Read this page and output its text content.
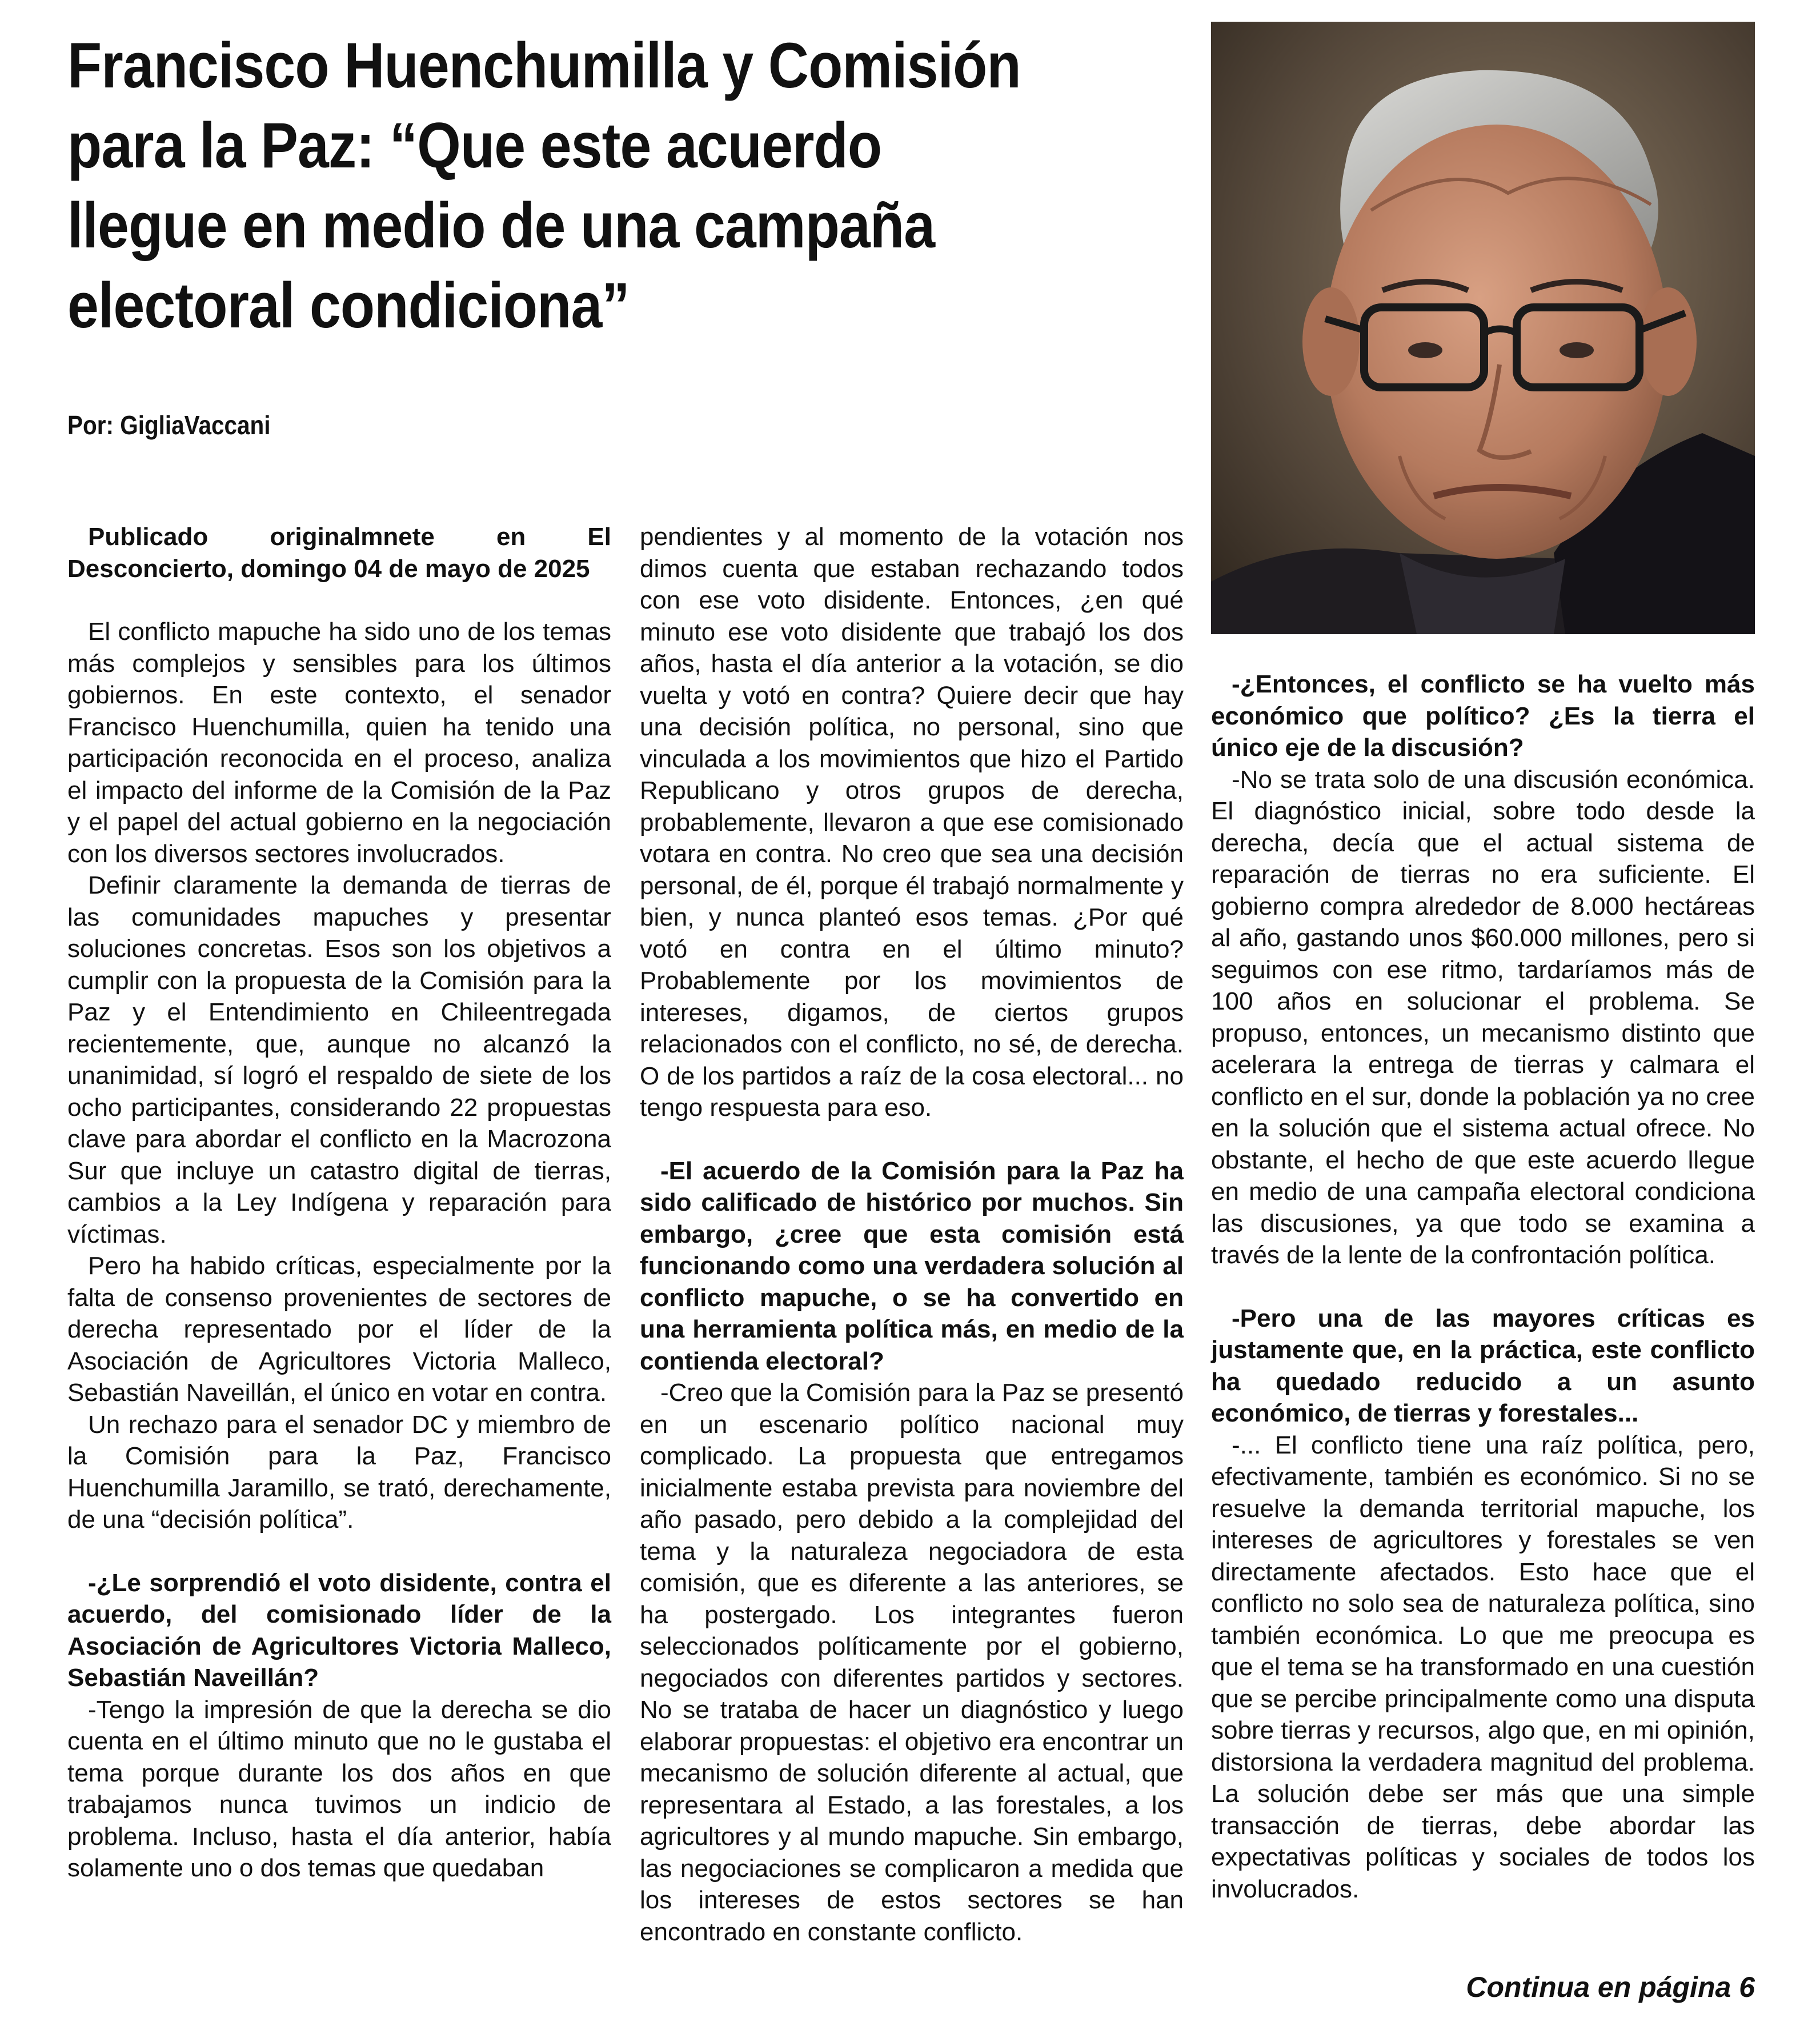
Francisco Huenchumilla y Comisión para la Paz: “Que este acuerdo llegue en medio de una campaña electoral condiciona”
Por: GigliaVaccani

Publicado originalmnete en El Desconcierto, domingo 04 de mayo de 2025

El conflicto mapuche ha sido uno de los temas más complejos y sensibles para los últimos gobiernos. En este contexto, el senador Francisco Huenchumilla, quien ha tenido una participación reconocida en el proceso, analiza el impacto del informe de la Comisión de la Paz y el papel del actual gobierno en la negociación con los diversos sectores involucrados.

Definir claramente la demanda de tierras de las comunidades mapuches y presentar soluciones concretas. Esos son los objetivos a cumplir con la propuesta de la Comisión para la Paz y el Entendimiento en Chileentregada recientemente, que, aunque no alcanzó la unanimidad, sí logró el respaldo de siete de los ocho participantes, considerando 22 propuestas clave para abordar el conflicto en la Macrozona Sur que incluye un catastro digital de tierras, cambios a la Ley Indígena y reparación para víctimas.

Pero ha habido críticas, especialmente por la falta de consenso provenientes de sectores de derecha representado por el líder de la Asociación de Agricultores Victoria Malleco, Sebastián Naveillán, el único en votar en contra.

Un rechazo para el senador DC y miembro de la Comisión para la Paz, Francisco Huenchumilla Jaramillo, se trató, derechamente, de una “decisión política”.

-¿Le sorprendió el voto disidente, contra el acuerdo, del comisionado líder de la Asociación de Agricultores Victoria Malleco, Sebastián Naveillán?

-Tengo la impresión de que la derecha se dio cuenta en el último minuto que no le gustaba el tema porque durante los dos años en que trabajamos nunca tuvimos un indicio de problema. Incluso, hasta el día anterior, había solamente uno o dos temas que quedaban

pendientes y al momento de la votación nos dimos cuenta que estaban rechazando todos con ese voto disidente. Entonces, ¿en qué minuto ese voto disidente que trabajó los dos años, hasta el día anterior a la votación, se dio vuelta y votó en contra? Quiere decir que hay una decisión política, no personal, sino que vinculada a los movimientos que hizo el Partido Republicano y otros grupos de derecha, probablemente, llevaron a que ese comisionado votara en contra. No creo que sea una decisión personal, de él, porque él trabajó normalmente y bien, y nunca planteó esos temas. ¿Por qué votó en contra en el último minuto? Probablemente por los movimientos de intereses, digamos, de ciertos grupos relacionados con el conflicto, no sé, de derecha. O de los partidos a raíz de la cosa electoral... no tengo respuesta para eso.

-El acuerdo de la Comisión para la Paz ha sido calificado de histórico por muchos. Sin embargo, ¿cree que esta comisión está funcionando como una verdadera solución al conflicto mapuche, o se ha convertido en una herramienta política más, en medio de la contienda electoral?

-Creo que la Comisión para la Paz se presentó en un escenario político nacional muy complicado. La propuesta que entregamos inicialmente estaba prevista para noviembre del año pasado, pero debido a la complejidad del tema y la naturaleza negociadora de esta comisión, que es diferente a las anteriores, se ha postergado. Los integrantes fueron seleccionados políticamente por el gobierno, negociados con diferentes partidos y sectores. No se trataba de hacer un diagnóstico y luego elaborar propuestas: el objetivo era encontrar un mecanismo de solución diferente al actual, que representara al Estado, a las forestales, a los agricultores y al mundo mapuche. Sin embargo, las negociaciones se complicaron a medida que los intereses de estos sectores se han encontrado en constante conflicto.

-¿Entonces, el conflicto se ha vuelto más económico que político? ¿Es la tierra el único eje de la discusión?

-No se trata solo de una discusión económica. El diagnóstico inicial, sobre todo desde la derecha, decía que el actual sistema de reparación de tierras no era suficiente. El gobierno compra alrededor de 8.000 hectáreas al año, gastando unos $60.000 millones, pero si seguimos con ese ritmo, tardaríamos más de 100 años en solucionar el problema. Se propuso, entonces, un mecanismo distinto que acelerara la entrega de tierras y calmara el conflicto en el sur, donde la población ya no cree en la solución que el sistema actual ofrece. No obstante, el hecho de que este acuerdo llegue en medio de una campaña electoral condiciona las discusiones, ya que todo se examina a través de la lente de la confrontación política.

-Pero una de las mayores críticas es justamente que, en la práctica, este conflicto ha quedado reducido a un asunto económico, de tierras y forestales...

-... El conflicto tiene una raíz política, pero, efectivamente, también es económico. Si no se resuelve la demanda territorial mapuche, los intereses de agricultores y forestales se ven directamente afectados. Esto hace que el conflicto no solo sea de naturaleza política, sino también económica. Lo que me preocupa es que el tema se ha transformado en una cuestión que se percibe principalmente como una disputa sobre tierras y recursos, algo que, en mi opinión, distorsiona la verdadera magnitud del problema. La solución debe ser más que una simple transacción de tierras, debe abordar las expectativas políticas y sociales de todos los involucrados.

Continua en página 6
